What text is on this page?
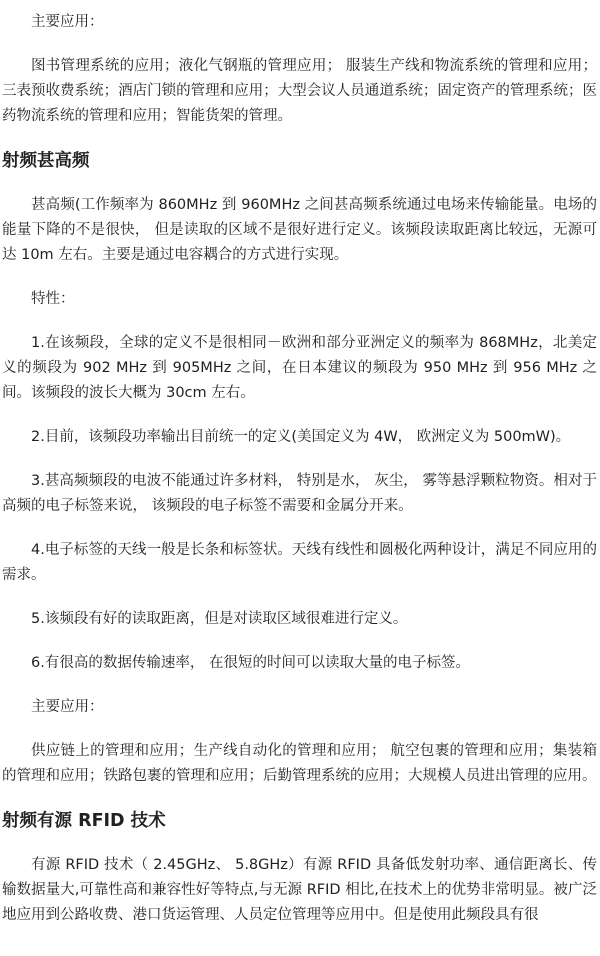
主要应用：

图书管理系统的应用；液化气钢瓶的管理应用； 服装生产线和物流系统的管理和应用；三表预收费系统；酒店门锁的管理和应用；大型会议人员通道系统；固定资产的管理系统；医药物流系统的管理和应用；智能货架的管理。

射频甚高频

甚高频(工作频率为 860MHz 到 960MHz 之间甚高频系统通过电场来传输能量。电场的能量下降的不是很快， 但是读取的区域不是很好进行定义。该频段读取距离比较远，无源可达 10m 左右。主要是通过电容耦合的方式进行实现。

特性：

1.在该频段，全球的定义不是很相同－欧洲和部分亚洲定义的频率为 868MHz，北美定义的频段为 902 MHz 到 905MHz 之间，在日本建议的频段为 950 MHz 到 956 MHz 之间。该频段的波长大概为 30cm 左右。

2.目前，该频段功率输出目前统一的定义(美国定义为 4W， 欧洲定义为 500mW)。

3.甚高频频段的电波不能通过许多材料， 特别是水， 灰尘， 雾等悬浮颗粒物资。相对于高频的电子标签来说， 该频段的电子标签不需要和金属分开来。

4.电子标签的天线一般是长条和标签状。天线有线性和圆极化两种设计，满足不同应用的需求。

5.该频段有好的读取距离，但是对读取区域很难进行定义。

6.有很高的数据传输速率， 在很短的时间可以读取大量的电子标签。

主要应用：

供应链上的管理和应用；生产线自动化的管理和应用； 航空包裹的管理和应用；集装箱的管理和应用；铁路包裹的管理和应用；后勤管理系统的应用；大规模人员进出管理的应用。

射频有源 RFID 技术

有源 RFID 技术（ 2.45GHz、 5.8GHz）有源 RFID 具备低发射功率、通信距离长、传输数据量大,可靠性高和兼容性好等特点,与无源 RFID 相比,在技术上的优势非常明显。被广泛地应用到公路收费、港口货运管理、人员定位管理等应用中。但是使用此频段具有很
